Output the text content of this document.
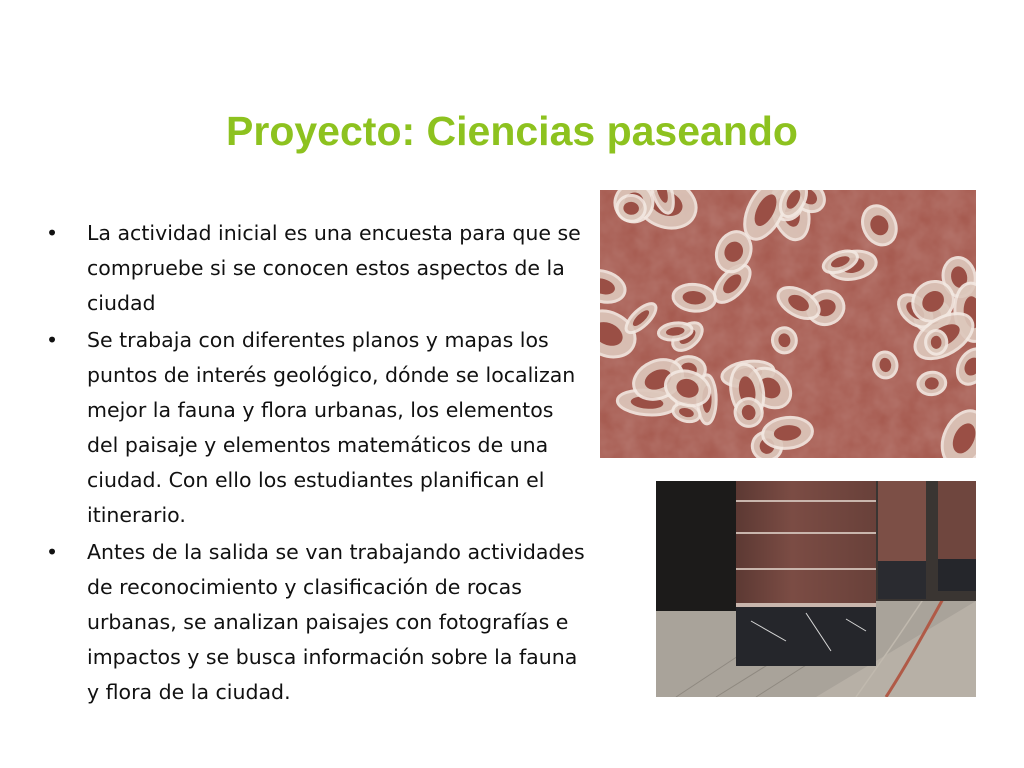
Proyecto: Ciencias paseando
• La actividad inicial es una encuesta para que se compruebe si se conocen estos aspectos de la ciudad
• Se trabaja con diferentes planos y mapas los puntos de interés geológico, dónde se localizan mejor la fauna y flora urbanas, los elementos del paisaje y elementos matemáticos de una ciudad. Con ello los estudiantes planifican el itinerario.
• Antes de la salida se van trabajando actividades de reconocimiento y clasificación de rocas urbanas, se analizan paisajes con fotografías e impactos y se busca información sobre la fauna y flora de la ciudad.
